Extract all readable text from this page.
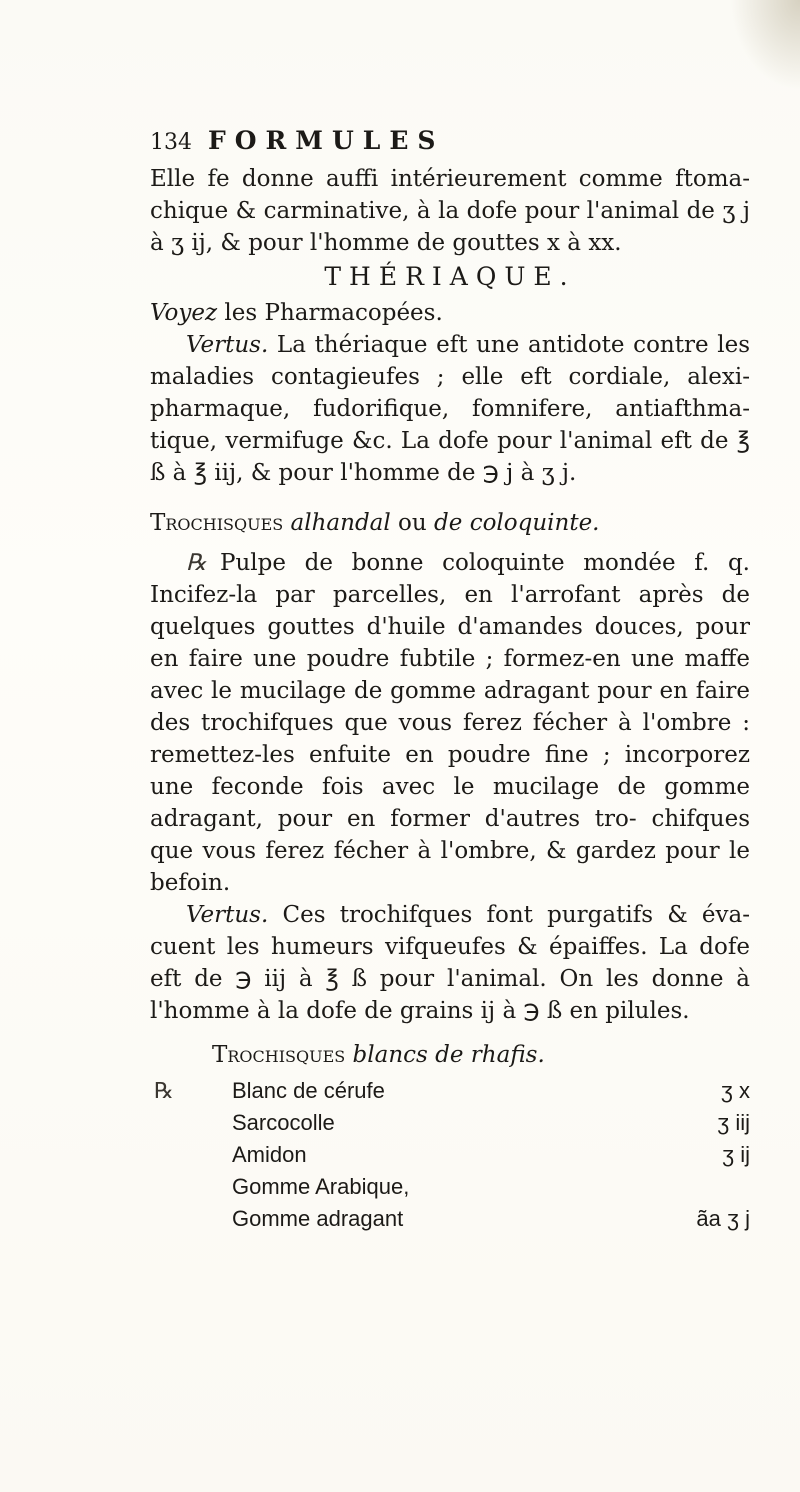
134 FORMULES

Elle fe donne auffi intérieurement comme ftoma- chique & carminative, à la dofe pour l'animal de ʒ j à ʒ ij, & pour l'homme de gouttes x à xx.

THÉRIAQUE.

Voyez les Pharmacopées.

Vertus. La thériaque eft une antidote contre les maladies contagieufes ; elle eft cordiale, alexi- pharmaque, fudorifique, fomnifere, antiafthma- tique, vermifuge &c. La dofe pour l'animal eft de ℥ ß à ℥ iij, & pour l'homme de ℈ j à ʒ j.

Trochisques alhandal ou de coloquinte.

℞ Pulpe de bonne coloquinte mondée f. q. Incifez-la par parcelles, en l'arrofant après de quelques gouttes d'huile d'amandes douces, pour en faire une poudre fubtile ; formez-en une maffe avec le mucilage de gomme adragant pour en faire des trochifques que vous ferez fécher à l'ombre : remettez-les enfuite en poudre fine ; incorporez une feconde fois avec le mucilage de gomme adragant, pour en former d'autres tro- chifques que vous ferez fécher à l'ombre, & gardez pour le befoin.

Vertus. Ces trochifques font purgatifs & éva- cuent les humeurs vifqueufes & épaiffes. La dofe eft de ℈ iij à ℥ ß pour l'animal. On les donne à l'homme à la dofe de grains ij à ℈ ß en pilules.

Trochisques blancs de rhafis.

℞	Blanc de cérufe	ʒ x
Sarcocolle	ʒ iij
Amidon	ʒ ij
Gomme Arabique,
Gomme adragant	ãa ʒ j
